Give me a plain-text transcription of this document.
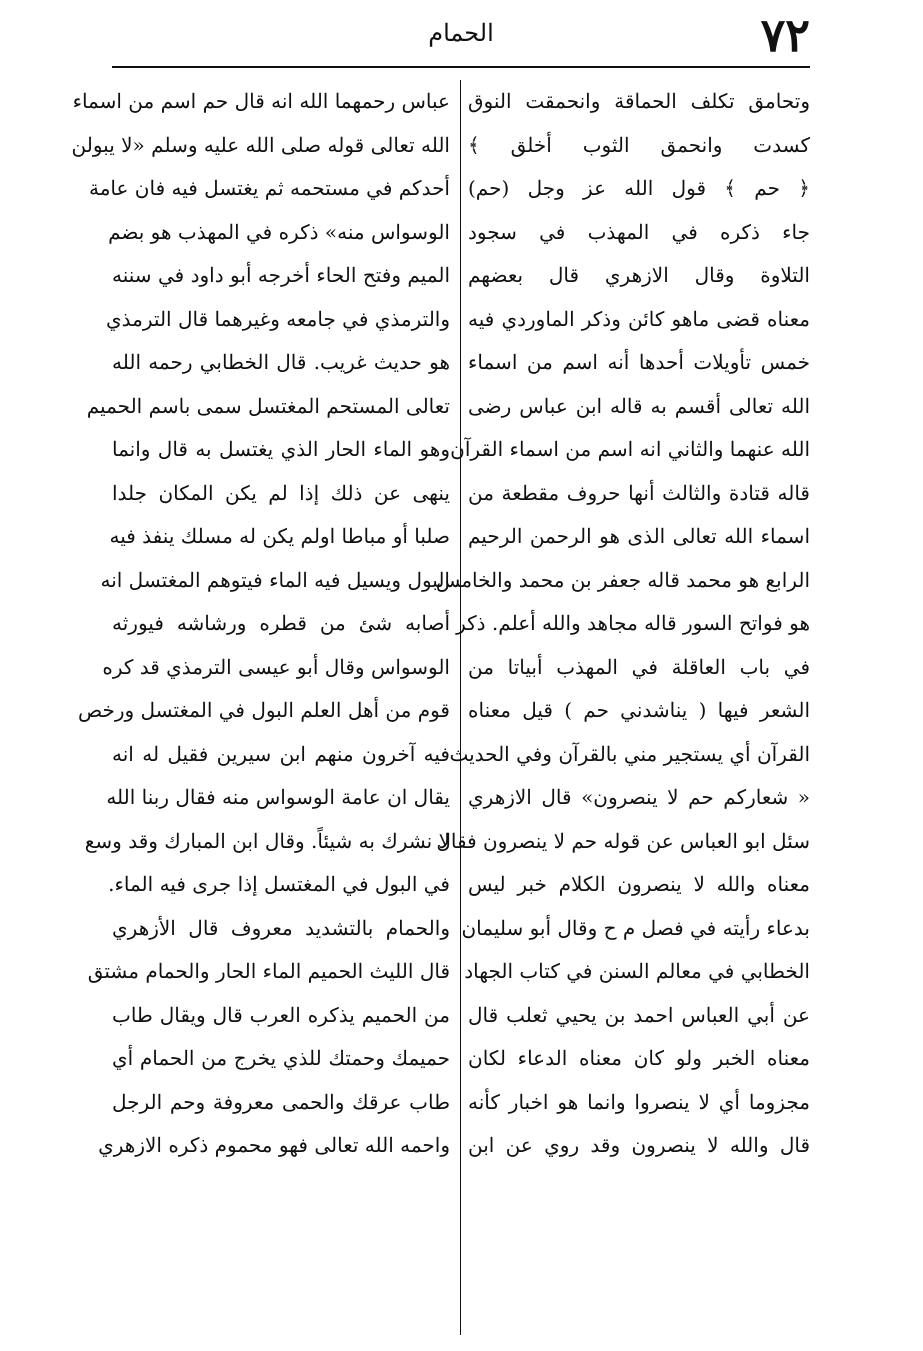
٧٢
الحمام
وتحامق تكلف الحماقة وانحمقت النوق
كسدت وانحمق الثوب أخلق ﴾
﴿ حم ﴾ قول الله عز وجل (حم)
جاء ذكره في المهذب في سجود
التلاوة وقال الازهري قال بعضهم
معناه قضى ماهو كائن وذكر الماوردي فيه
خمس تأويلات أحدها أنه اسم من اسماء
الله تعالى أقسم به قاله ابن عباس رضى
الله عنهما والثاني انه اسم من اسماء القرآن
قاله قتادة والثالث أنها حروف مقطعة من
اسماء الله تعالى الذى هو الرحمن الرحيم
الرابع هو محمد قاله جعفر بن محمد والخامس
هو فواتح السور قاله مجاهد والله أعلم. ذكر
في باب العاقلة في المهذب أبياتا من
الشعر فيها ( يناشدني حم ) قيل معناه
القرآن أي يستجير مني بالقرآن وفي الحديث
« شعاركم حم لا ينصرون» قال الازهري
سئل ابو العباس عن قوله حم لا ينصرون فقال
معناه والله لا ينصرون الكلام خبر ليس
بدعاء رأيته في فصل م ح وقال أبو سليمان
الخطابي في معالم السنن في كتاب الجهاد
عن أبي العباس احمد بن يحيي ثعلب قال
معناه الخبر ولو كان معناه الدعاء لكان
مجزوما أي لا ينصروا وانما هو اخبار كأنه
قال والله لا ينصرون وقد روي عن ابن
عباس رحمهما الله انه قال حم اسم من اسماء
الله تعالى قوله صلى الله عليه وسلم «لا يبولن
أحدكم في مستحمه ثم يغتسل فيه فان عامة
الوسواس منه» ذكره في المهذب هو بضم
الميم وفتح الحاء أخرجه أبو داود في سننه
والترمذي في جامعه وغيرهما قال الترمذي
هو حديث غريب. قال الخطابي رحمه الله
تعالى المستحم المغتسل سمى باسم الحميم
وهو الماء الحار الذي يغتسل به قال وانما
ينهى عن ذلك إذا لم يكن المكان جلدا
صلبا أو مباطا اولم يكن له مسلك ينفذ فيه
البول ويسيل فيه الماء فيتوهم المغتسل انه
أصابه شئ من قطره ورشاشه فيورثه
الوسواس وقال أبو عيسى الترمذي قد كره
قوم من أهل العلم البول في المغتسل ورخص
فيه آخرون منهم ابن سيرين فقيل له انه
يقال ان عامة الوسواس منه فقال ربنا الله
لا نشرك به شيئاً. وقال ابن المبارك وقد وسع
في البول في المغتسل إذا جرى فيه الماء.
والحمام بالتشديد معروف قال الأزهري
قال الليث الحميم الماء الحار والحمام مشتق
من الحميم يذكره العرب قال ويقال طاب
حميمك وحمتك للذي يخرج من الحمام أي
طاب عرقك والحمى معروفة وحم الرجل
واحمه الله تعالى فهو محموم ذكره الازهري
